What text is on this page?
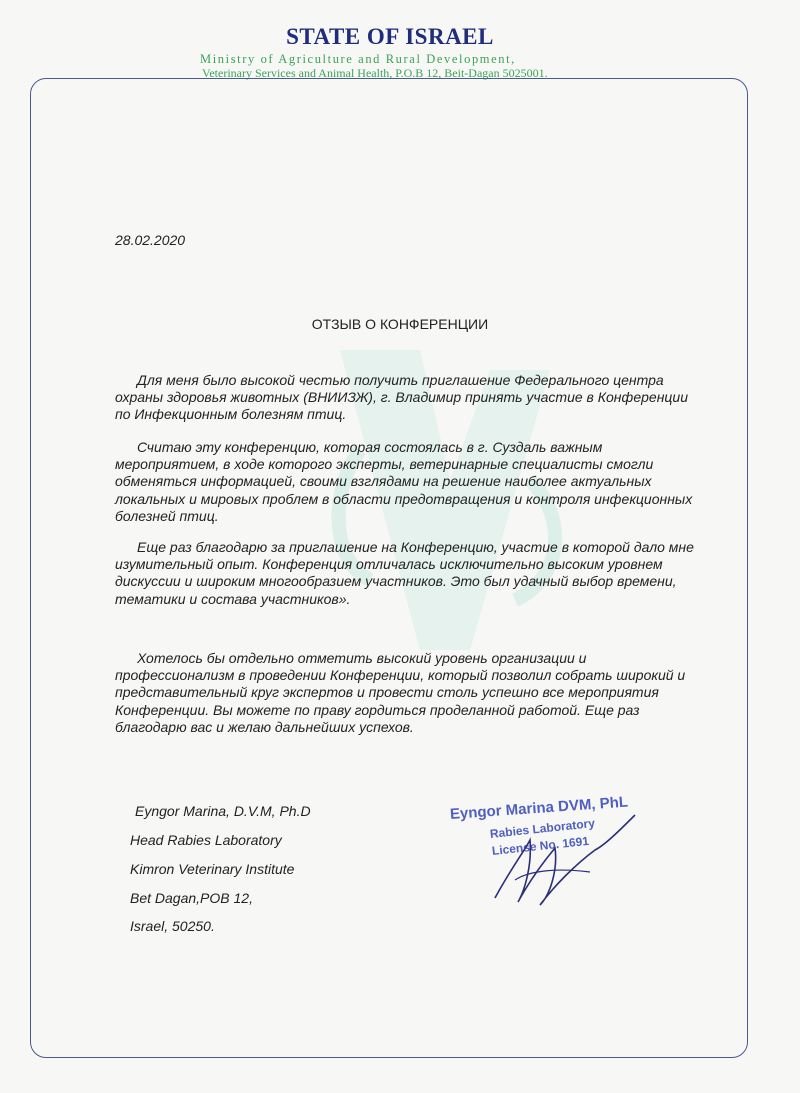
STATE OF ISRAEL
Ministry of Agriculture and Rural Development,
Veterinary Services and Animal Health, P.O.B 12, Beit-Dagan 5025001.
28.02.2020
ОТЗЫВ О КОНФЕРЕНЦИИ

Для меня было высокой честью получить приглашение Федерального центра охраны здоровья животных (ВНИИЗЖ), г. Владимир принять участие в Конференции по Инфекционным болезням птиц.

Считаю эту конференцию, которая состоялась в г. Суздаль важным мероприятием, в ходе которого эксперты, ветеринарные специалисты смогли обменяться информацией, своими взглядами на решение наиболее актуальных локальных и мировых проблем в области предотвращения и контроля инфекционных болезней птиц.

Еще раз благодарю за приглашение на Конференцию, участие в которой дало мне изумительный опыт. Конференция отличалась исключительно высоким уровнем дискуссии и широким многообразием участников. Это был удачный выбор времени, тематики и состава участников».

Хотелось бы отдельно отметить высокий уровень организации и профессионализм в проведении Конференции, который позволил собрать широкий и представительный круг экспертов и провести столь успешно все мероприятия Конференции. Вы можете по праву гордиться проделанной работой. Еще раз благодарю вас и желаю дальнейших успехов.

Eyngor Marina, D.V.M, Ph.D
Head Rabies Laboratory
Kimron Veterinary Institute
Bet Dagan,POB 12,
Israel, 50250.
Eyngor Marina DVM, PhL
Rabies Laboratory
License No. 1691
